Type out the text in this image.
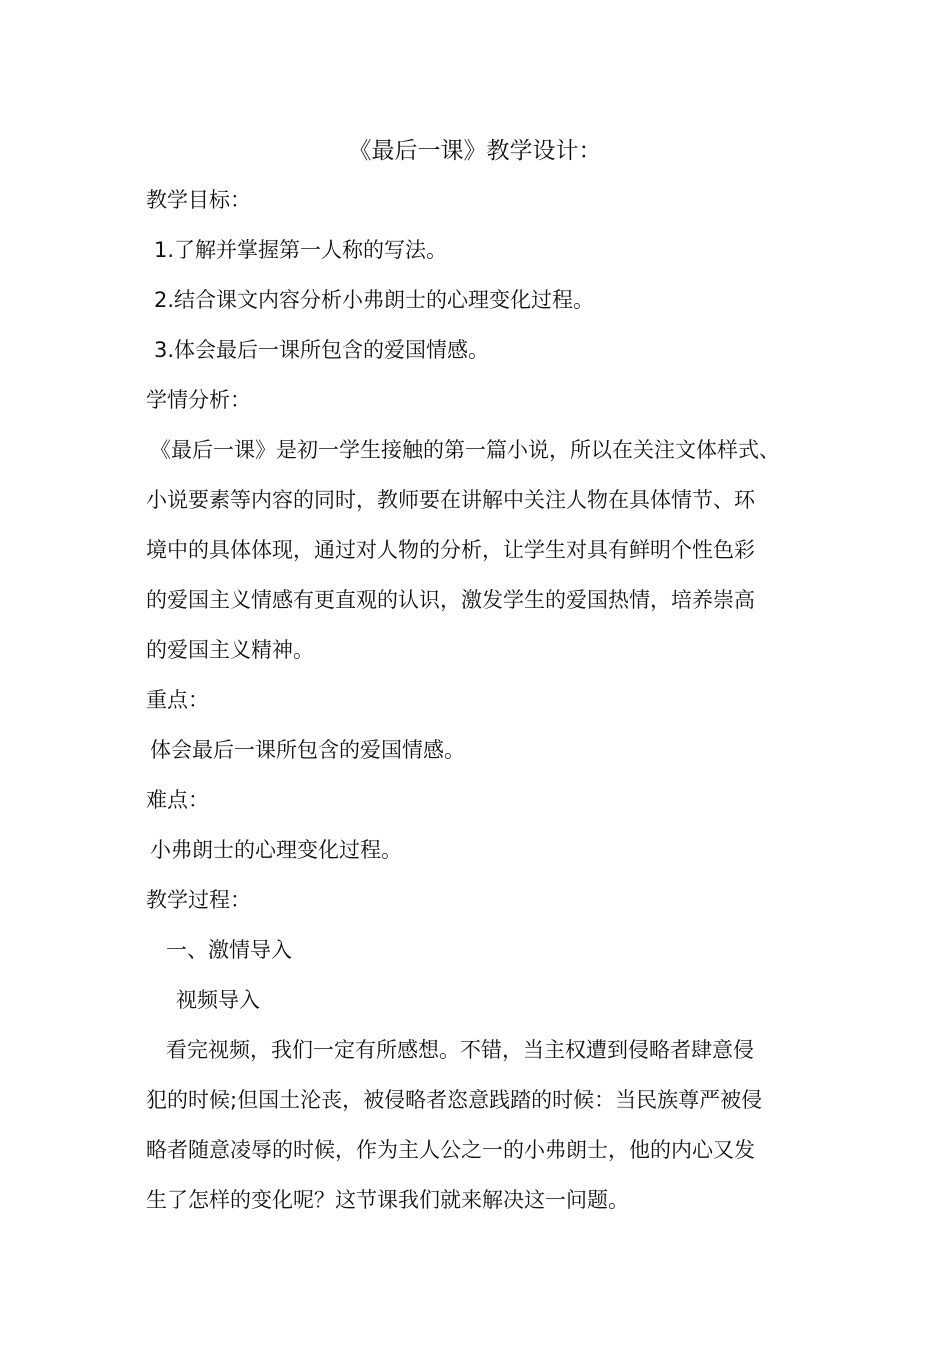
《最后一课》教学设计：
教学目标：
1.了解并掌握第一人称的写法。
2.结合课文内容分析小弗朗士的心理变化过程。
3.体会最后一课所包含的爱国情感。
学情分析：
《最后一课》是初一学生接触的第一篇小说，所以在关注文体样式、
小说要素等内容的同时，教师要在讲解中关注人物在具体情节、环
境中的具体体现，通过对人物的分析，让学生对具有鲜明个性色彩
的爱国主义情感有更直观的认识，激发学生的爱国热情，培养崇高
的爱国主义精神。
重点：
体会最后一课所包含的爱国情感。
难点：
小弗朗士的心理变化过程。
教学过程：
一、激情导入
视频导入
看完视频，我们一定有所感想。不错，当主权遭到侵略者肆意侵
犯的时候;但国土沦丧，被侵略者恣意践踏的时候：当民族尊严被侵
略者随意凌辱的时候，作为主人公之一的小弗朗士，他的内心又发
生了怎样的变化呢？这节课我们就来解决这一问题。
